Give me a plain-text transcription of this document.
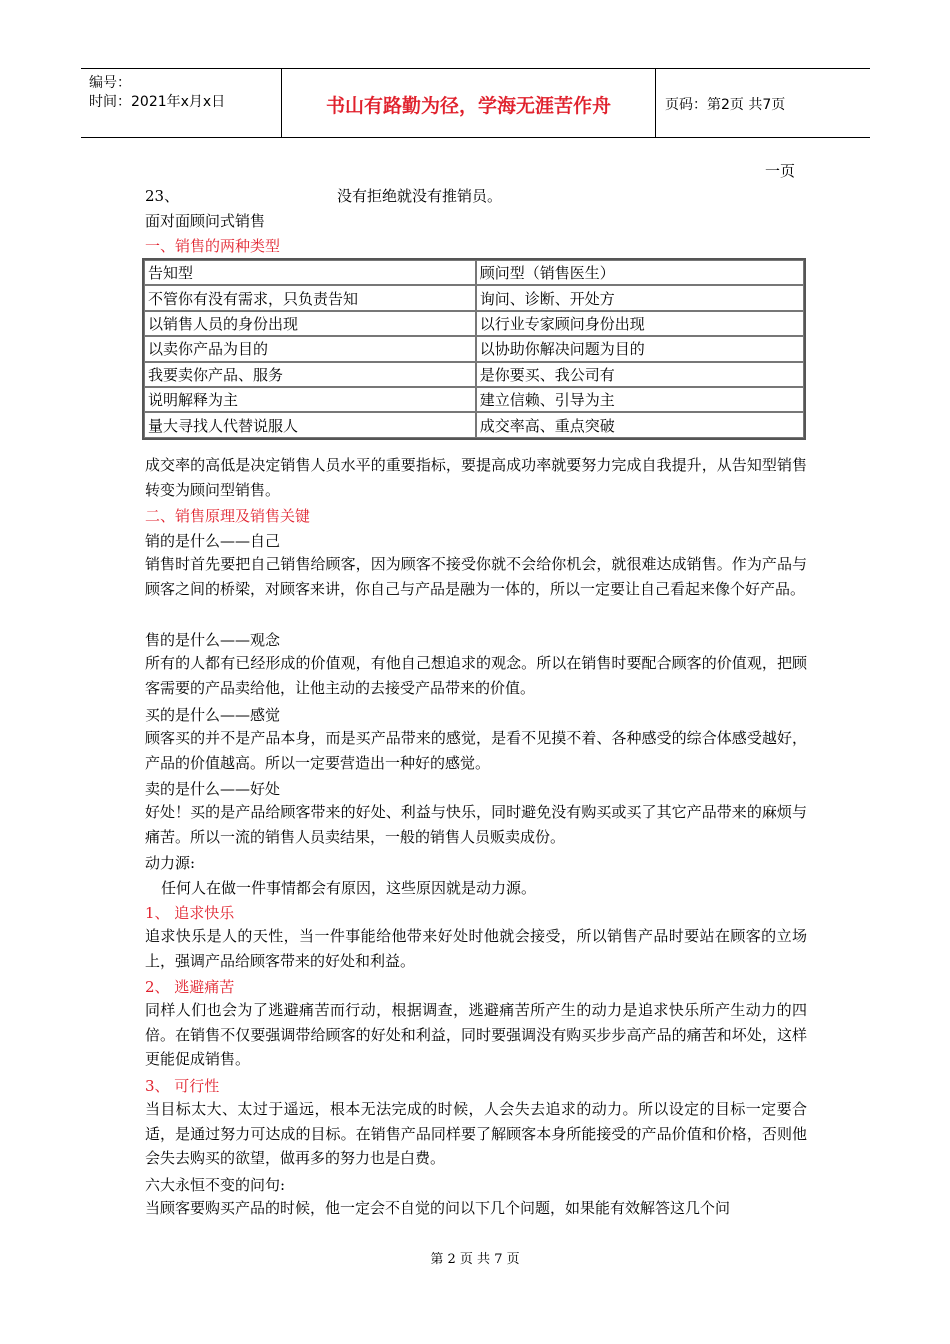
编号：
时间：2021年x月x日	书山有路勤为径，学海无涯苦作舟	页码：第2页 共7页
一页
23、	没有拒绝就没有推销员。
面对面顾问式销售
一、销售的两种类型
成交率的高低是决定销售人员水平的重要指标，要提高成功率就要努力完成自我提升，从告知型销售转变为顾问型销售。
二、销售原理及销售关键
销的是什么——自己
销售时首先要把自己销售给顾客，因为顾客不接受你就不会给你机会，就很难达成销售。作为产品与顾客之间的桥梁，对顾客来讲，你自己与产品是融为一体的，所以一定要让自己看起来像个好产品。
售的是什么——观念
所有的人都有已经形成的价值观，有他自己想追求的观念。所以在销售时要配合顾客的价值观，把顾客需要的产品卖给他，让他主动的去接受产品带来的价值。
买的是什么——感觉
顾客买的并不是产品本身，而是买产品带来的感觉，是看不见摸不着、各种感受的综合体感受越好，产品的价值越高。所以一定要营造出一种好的感觉。
卖的是什么——好处
好处！买的是产品给顾客带来的好处、利益与快乐，同时避免没有购买或买了其它产品带来的麻烦与痛苦。所以一流的销售人员卖结果，一般的销售人员贩卖成份。
动力源:
任何人在做一件事情都会有原因，这些原因就是动力源。
1、 追求快乐
追求快乐是人的天性，当一件事能给他带来好处时他就会接受，所以销售产品时要站在顾客的立场上，强调产品给顾客带来的好处和利益。
2、 逃避痛苦
同样人们也会为了逃避痛苦而行动，根据调查，逃避痛苦所产生的动力是追求快乐所产生动力的四倍。在销售不仅要强调带给顾客的好处和利益，同时要强调没有购买步步高产品的痛苦和坏处，这样更能促成销售。
3、 可行性
当目标太大、太过于遥远，根本无法完成的时候，人会失去追求的动力。所以设定的目标一定要合适，是通过努力可达成的目标。在销售产品同样要了解顾客本身所能接受的产品价值和价格，否则他会失去购买的欲望，做再多的努力也是白费。
六大永恒不变的问句:
当顾客要购买产品的时候，他一定会不自觉的问以下几个问题，如果能有效解答这几个问
告知型	顾问型（销售医生）
不管你有没有需求，只负责告知	询问、诊断、开处方
以销售人员的身份出现	以行业专家顾问身份出现
以卖你产品为目的	以协助你解决问题为目的
我要卖你产品、服务	是你要买、我公司有
说明解释为主	建立信赖、引导为主
量大寻找人代替说服人	成交率高、重点突破
第 2 页 共 7 页
